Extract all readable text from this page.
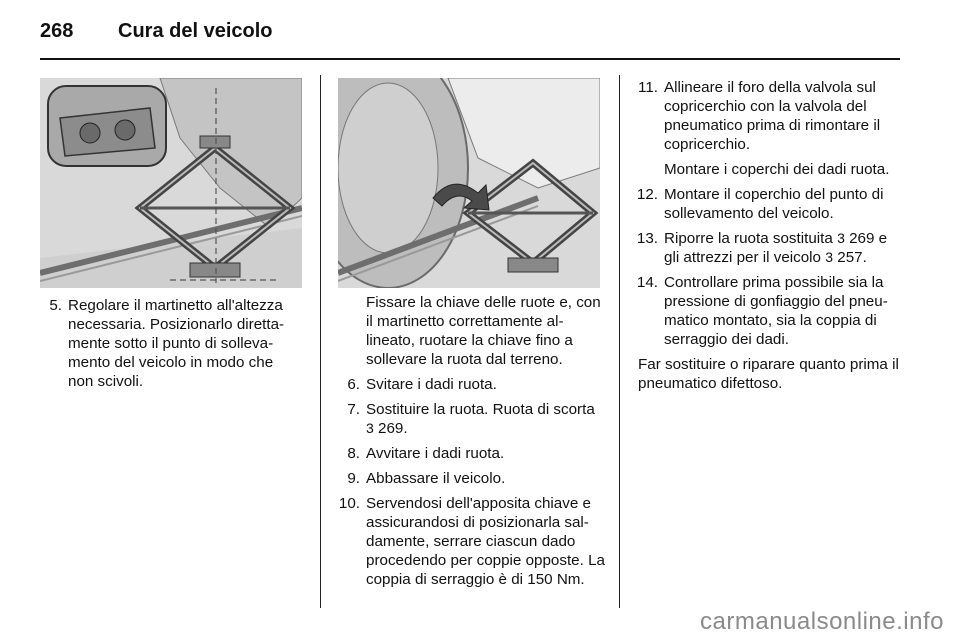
268 Cura del veicolo
5. Regolare il martinetto all'altezza necessaria. Posizionarlo diretta-mente sotto il punto di solleva-mento del veicolo in modo che non scivoli.
Fissare la chiave delle ruote e, con il martinetto correttamente al-lineato, ruotare la chiave fino a sollevare la ruota dal terreno.
6. Svitare i dadi ruota.
7. Sostituire la ruota. Ruota di scorta
3 269.
8. Avvitare i dadi ruota.
9. Abbassare il veicolo.
10. Servendosi dell'apposita chiave e assicurandosi di posizionarla sal-damente, serrare ciascun dado procedendo per coppie opposte. La coppia di serraggio è di 150 Nm.
11. Allineare il foro della valvola sul copricerchio con la valvola del pneumatico prima di rimontare il copricerchio.
Montare i coperchi dei dadi ruota.
12. Montare il coperchio del punto di sollevamento del veicolo.
13. Riporre la ruota sostituita 3 269 e gli attrezzi per il veicolo 3 257.
14. Controllare prima possibile sia la pressione di gonfiaggio del pneu-matico montato, sia la coppia di serraggio dei dadi.
Far sostituire o riparare quanto prima il pneumatico difettoso.
carmanualsonline.info
